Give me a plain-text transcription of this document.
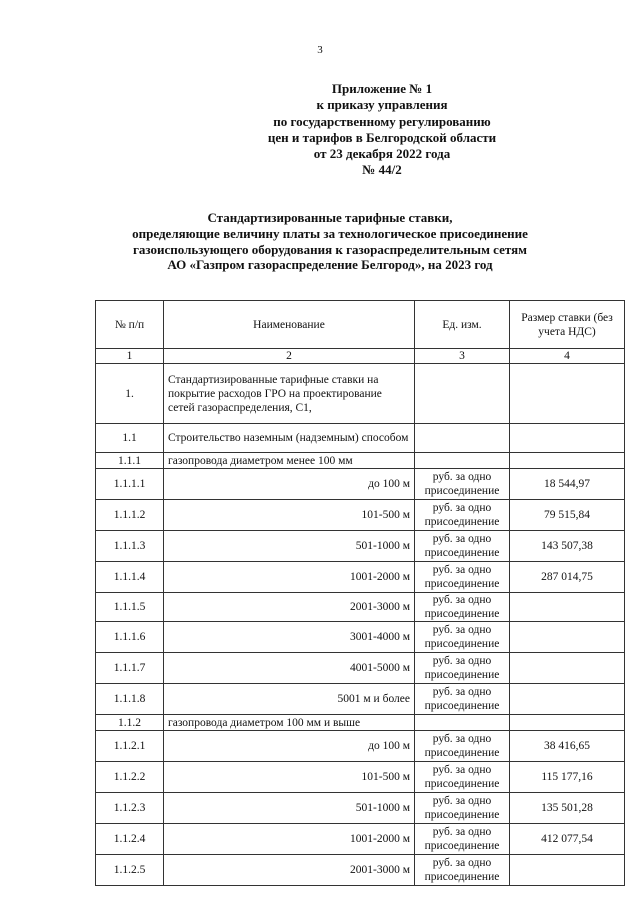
3
Приложение № 1
к приказу управления
по государственному регулированию
цен и тарифов в Белгородской области
от 23 декабря 2022 года
№ 44/2
Стандартизированные тарифные ставки,
определяющие величину платы за технологическое присоединение
газоиспользующего оборудования к газораспределительным сетям
АО «Газпром газораспределение Белгород», на 2023 год
№ п/п	Наименование	Ед. изм.	Размер ставки (без учета НДС)
1	2	3	4
1.	Стандартизированные тарифные ставки на покрытие расходов ГРО на проектирование сетей газораспределения, С1,		
1.1	Строительство наземным (надземным) способом		
1.1.1	газопровода диаметром менее 100 мм		
1.1.1.1	до 100 м	руб. за одно присоединение	18 544,97
1.1.1.2	101-500 м	руб. за одно присоединение	79 515,84
1.1.1.3	501-1000 м	руб. за одно присоединение	143 507,38
1.1.1.4	1001-2000 м	руб. за одно присоединение	287 014,75
1.1.1.5	2001-3000 м	руб. за одно присоединение	
1.1.1.6	3001-4000 м	руб. за одно присоединение	
1.1.1.7	4001-5000 м	руб. за одно присоединение	
1.1.1.8	5001 м и более	руб. за одно присоединение	
1.1.2	газопровода диаметром 100 мм и выше		
1.1.2.1	до 100 м	руб. за одно присоединение	38 416,65
1.1.2.2	101-500 м	руб. за одно присоединение	115 177,16
1.1.2.3	501-1000 м	руб. за одно присоединение	135 501,28
1.1.2.4	1001-2000 м	руб. за одно присоединение	412 077,54
1.1.2.5	2001-3000 м	руб. за одно присоединение	
